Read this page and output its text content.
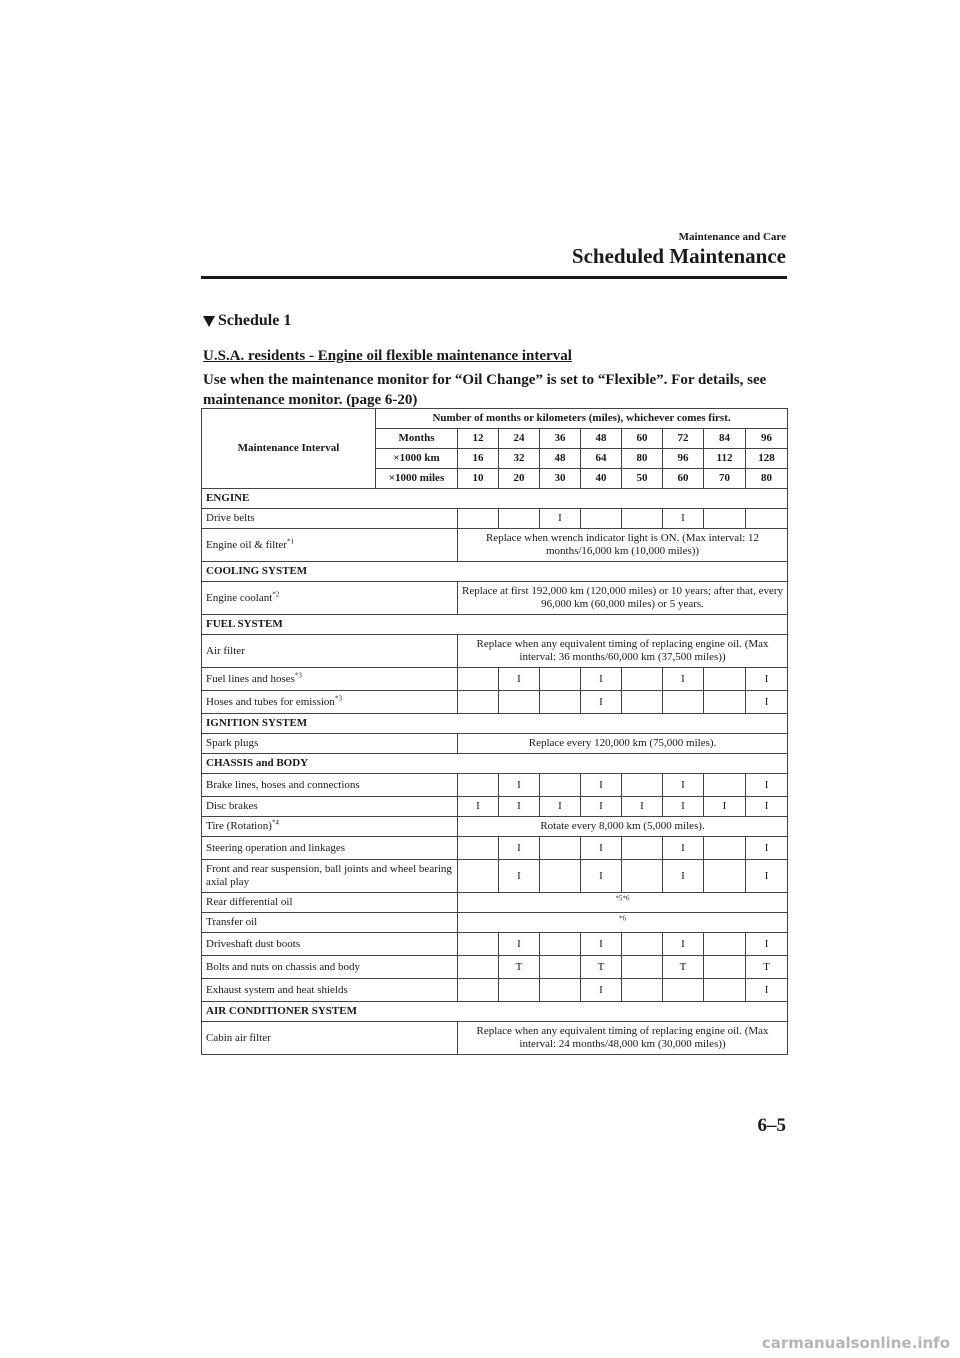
Maintenance and Care
Scheduled Maintenance
Schedule 1
U.S.A. residents - Engine oil flexible maintenance interval
Use when the maintenance monitor for “Oil Change” is set to “Flexible”. For details, see maintenance monitor. (page 6-20)
Maintenance Interval	Number of months or kilometers (miles), whichever comes first.								
	Months	12	24	36	48	60	72	84	96
	×1000 km	16	32	48	64	80	96	112	128
	×1000 miles	10	20	30	40	50	60	70	80
ENGINE									
Drive belts				I			I		
Engine oil & filter$^{*1}$		Replace when wrench indicator light is ON. (Max interval: 12 months/16,000 km (10,000 miles))							
COOLING SYSTEM									
Engine coolant$^{*2}$		Replace at first 192,000 km (120,000 miles) or 10 years; after that, every 96,000 km (60,000 miles) or 5 years.							
FUEL SYSTEM									
Air filter		Replace when any equivalent timing of replacing engine oil. (Max interval: 36 months/60,000 km (37,500 miles))							
Fuel lines and hoses$^{*3}$			I		I		I		I
Hoses and tubes for emission$^{*3}$					I				I
IGNITION SYSTEM									
Spark plugs		Replace every 120,000 km (75,000 miles).							
CHASSIS and BODY									
Brake lines, hoses and connections			I		I		I		I
Disc brakes		I	I	I	I	I	I	I	I
Tire (Rotation)$^{*4}$		Rotate every 8,000 km (5,000 miles).							
Steering operation and linkages			I		I		I		I
Front and rear suspension, ball joints and wheel bearing axial play			I		I		I		I
Rear differential oil		$^{*5*6}$
Transfer oil		$^{*6}$
Driveshaft dust boots			I		I		I		I
Bolts and nuts on chassis and body			T		T		T		T
Exhaust system and heat shields					I				I
AIR CONDITIONER SYSTEM									
Cabin air filter		Replace when any equivalent timing of replacing engine oil. (Max interval: 24 months/48,000 km (30,000 miles))							
6–5
carmanualsonline.info
